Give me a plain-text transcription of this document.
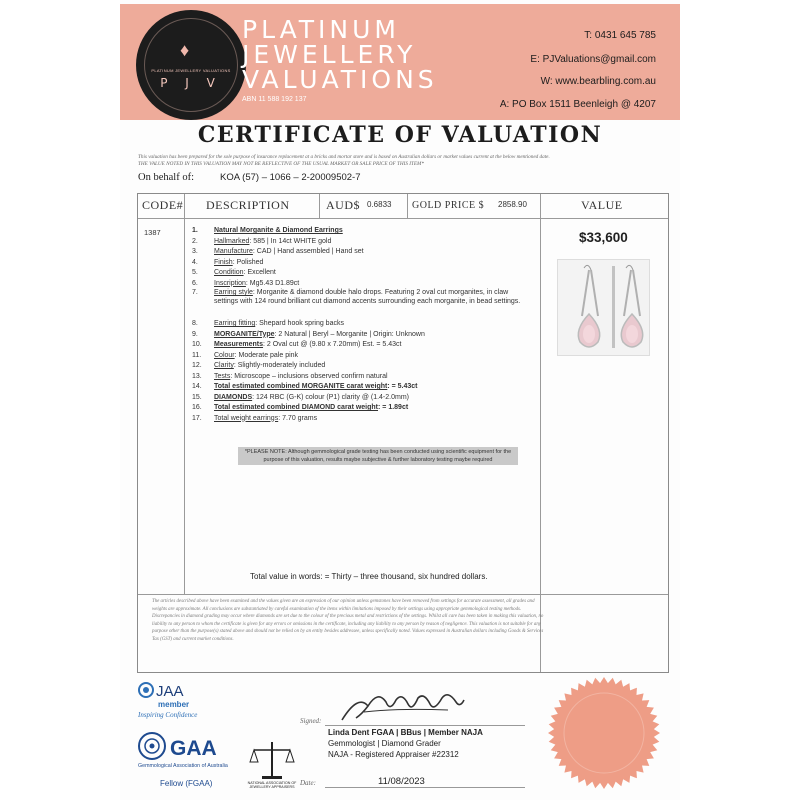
♦
PLATINUM JEWELLERY VALUATIONS
P J V
PLATINUM
JEWELLERY
VALUATIONS
ABN 11 588 192 137
T: 0431 645 785
E: PJValuations@gmail.com
W: www.bearbling.com.au
A: PO Box 1511 Beenleigh @ 4207
CERTIFICATE OF VALUATION
This valuation has been prepared for the sole purpose of insurance replacement at a bricks and mortar store and is based on Australian dollars or market values current at the below mentioned date.
THE VALUE NOTED IN THIS VALUATION MAY NOT BE REFLECTIVE OF THE USUAL MARKET OR SALE PRICE OF THIS ITEM*
On behalf of:	KOA (57) – 1066 – 2-20009502-7
CODE# DESCRIPTION	AUD$ 0.6833 GOLD PRICE $ 2858.90	VALUE
1387	1.	Natural Morganite & Diamond Earrings
2.	Hallmarked: 585 | In 14ct WHITE gold
3.	Manufacture: CAD | Hand assembled | Hand set
4.	Finish: Polished
5.	Condition: Excellent
6.	Inscription: Mg5.43 D1.89ct
7.	Earring style: Morganite & diamond double halo drops. Featuring 2 oval cut morganites, in claw settings with 124 round brilliant cut diamond accents surrounding each morganite, in bead settings.
8.	Earring fitting: Shepard hook spring backs
9.	MORGANITE/Type: 2 Natural | Beryl – Morganite | Origin: Unknown
10.	Measurements: 2 Oval cut @ (9.80 x 7.20mm) Est. = 5.43ct
11.	Colour: Moderate pale pink
12.	Clarity: Slightly-moderately included
13.	Tests: Microscope – inclusions observed confirm natural
14.	Total estimated combined MORGANITE carat weight: = 5.43ct
15.	DIAMONDS: 124 RBC (G-K) colour (P1) clarity @ (1.4-2.0mm)
16.	Total estimated combined DIAMOND carat weight: = 1.89ct
17.	Total weight earrings: 7.70 grams
*PLEASE NOTE: Although gemmological grade testing has been conducted using scientific equipment for the purpose of this valuation, results maybe subjective & further laboratory testing maybe required
$33,600
Total value in words: = Thirty – three thousand, six hundred dollars.
The articles described above have been examined and the values given are an expression of our opinion unless gemstones have been removed from settings for accurate assessment, all grades and weights are approximate. All conclusions are substantiated by careful examination of the items within limitations imposed by their settings using appropriate gemmological testing methods. Discrepancies in diamond grading may occur where diamonds are set due to the colour of the precious metal and restrictions of the settings. Whilst all care has been taken in making this valuation, no liability to any person to whom the certificate is given for any errors or omissions in the certificate, including any liability to any person by reason of negligence. This valuation is not suitable for any purpose other than the purpose(s) stated above and should not be relied on by an entity besides addressee, unless specifically noted. Values expressed in Australian dollars including Goods & Services Tax (GST) and current market conditions.
JAA
member
Inspiring Confidence
GAA
Gemmological Association of Australia
Fellow (FGAA)	NATIONAL ASSOCIATION OF JEWELLERY APPRAISERS
Signed:
Linda Dent FGAA | BBus | Member NAJA
Gemmologist | Diamond Grader
NAJA - Registered Appraiser #22312
Date:	11/08/2023
